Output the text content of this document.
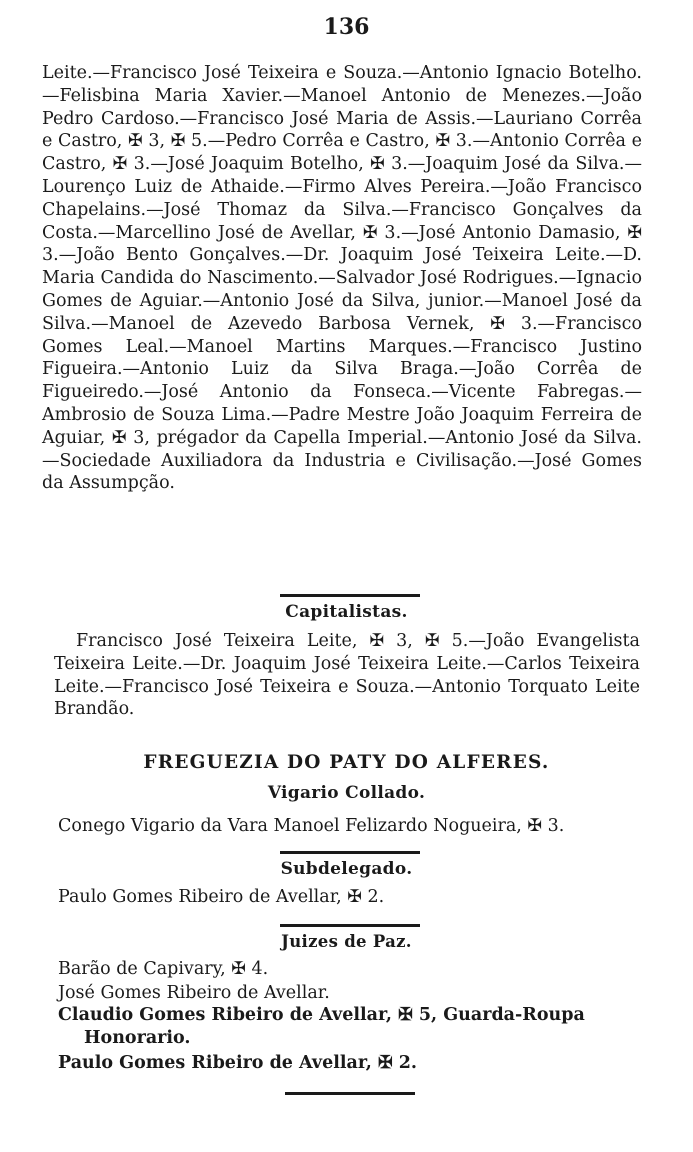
136

Leite.—Francisco José Teixeira e Souza.—Antonio Ignacio Botelho.—Felisbina Maria Xavier.—Manoel Antonio de Menezes.—João Pedro Cardoso.—Francisco José Maria de Assis.—Lauriano Corrêa e Castro, ✠ 3, ✠ 5.—Pedro Corrêa e Castro, ✠ 3.—Antonio Corrêa e Castro, ✠ 3.—José Joaquim Botelho, ✠ 3.—Joaquim José da Silva.—Lourenço Luiz de Athaide.—Firmo Alves Pereira.—João Francisco Chapelains.—José Thomaz da Silva.—Francisco Gonçalves da Costa.—Marcellino José de Avellar, ✠ 3.—José Antonio Damasio, ✠ 3.—João Bento Gonçalves.—Dr. Joaquim José Teixeira Leite.—D. Maria Candida do Nascimento.—Salvador José Rodrigues.—Ignacio Gomes de Aguiar.—Antonio José da Silva, junior.—Manoel José da Silva.—Manoel de Azevedo Barbosa Vernek, ✠ 3.—Francisco Gomes Leal.—Manoel Martins Marques.—Francisco Justino Figueira.—Antonio Luiz da Silva Braga.—João Corrêa de Figueiredo.—José Antonio da Fonseca.—Vicente Fabregas.—Ambrosio de Souza Lima.—Padre Mestre João Joaquim Ferreira de Aguiar, ✠ 3, prégador da Capella Imperial.—Antonio José da Silva.—Sociedade Auxiliadora da Industria e Civilisação.—José Gomes da Assumpção.

Capitalistas.

Francisco José Teixeira Leite, ✠ 3, ✠ 5.—João Evangelista Teixeira Leite.—Dr. Joaquim José Teixeira Leite.—Carlos Teixeira Leite.—Francisco José Teixeira e Souza.—Antonio Torquato Leite Brandão.

FREGUEZIA DO PATY DO ALFERES.
Vigario Collado.

Conego Vigario da Vara Manoel Felizardo Nogueira, ✠ 3.

Subdelegado.

Paulo Gomes Ribeiro de Avellar, ✠ 2.

Juizes de Paz.

Barão de Capivary, ✠ 4.

José Gomes Ribeiro de Avellar.

Claudio Gomes Ribeiro de Avellar, ✠ 5, Guarda-Roupa

Honorario.

Paulo Gomes Ribeiro de Avellar, ✠ 2.
